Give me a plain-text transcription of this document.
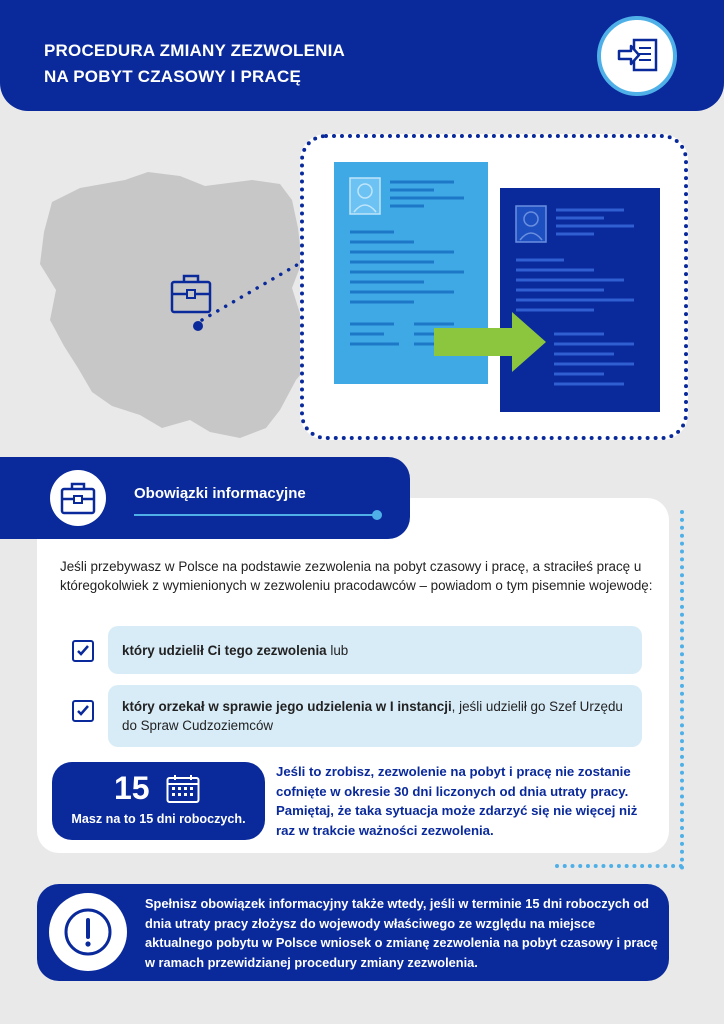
PROCEDURA ZMIANY ZEZWOLENIA
NA POBYT CZASOWY I PRACĘ
Obowiązki informacyjne

Jeśli przebywasz w Polsce na podstawie zezwolenia na pobyt czasowy i pracę, a straciłeś pracę u któregokolwiek z wymienionych w zezwoleniu pracodawców – powiadom o tym pisemnie wojewodę:

który udzielił Ci tego zezwolenia lub
który orzekał w sprawie jego udzielenia w I instancji, jeśli udzielił go Szef Urzędu do Spraw Cudzoziemców
15
Masz na to 15 dni roboczych.

Jeśli to zrobisz, zezwolenie na pobyt i pracę nie zostanie cofnięte w okresie 30 dni liczonych od dnia utraty pracy. Pamiętaj, że taka sytuacja może zdarzyć się nie więcej niż raz w trakcie ważności zezwolenia.

Spełnisz obowiązek informacyjny także wtedy, jeśli w terminie 15 dni roboczych od dnia utraty pracy złożysz do wojewody właściwego ze względu na miejsce aktualnego pobytu w Polsce wniosek o zmianę zezwolenia na pobyt czasowy i pracę w ramach przewidzianej procedury zmiany zezwolenia.
